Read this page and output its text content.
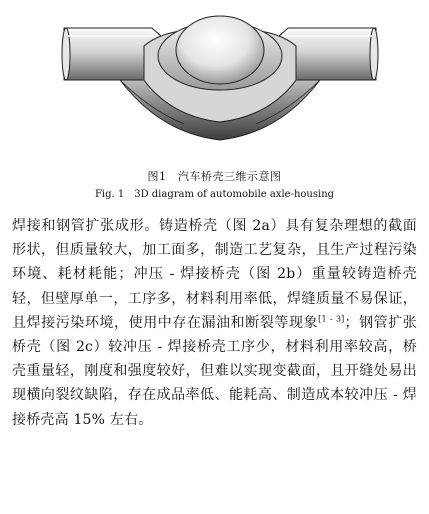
图1　汽车桥壳三维示意图
Fig. 1　3D diagram of automobile axle-housing

焊接和钢管扩张成形。铸造桥壳（图 2a）具有复杂理想的截面形状，但质量较大，加工面多，制造工艺复杂，且生产过程污染环境、耗材耗能；冲压 - 焊接桥壳（图 2b）重量较铸造桥壳轻，但壁厚单一，工序多，材料利用率低，焊缝质量不易保证，且焊接污染环境，使用中存在漏油和断裂等现象[1 - 3]；钢管扩张桥壳（图 2c）较冲压 - 焊接桥壳工序少，材料利用率较高，桥壳重量轻，刚度和强度较好，但难以实现变截面，且开缝处易出现横向裂纹缺陷，存在成品率低、能耗高、制造成本较冲压 - 焊接桥壳高 15% 左右。
